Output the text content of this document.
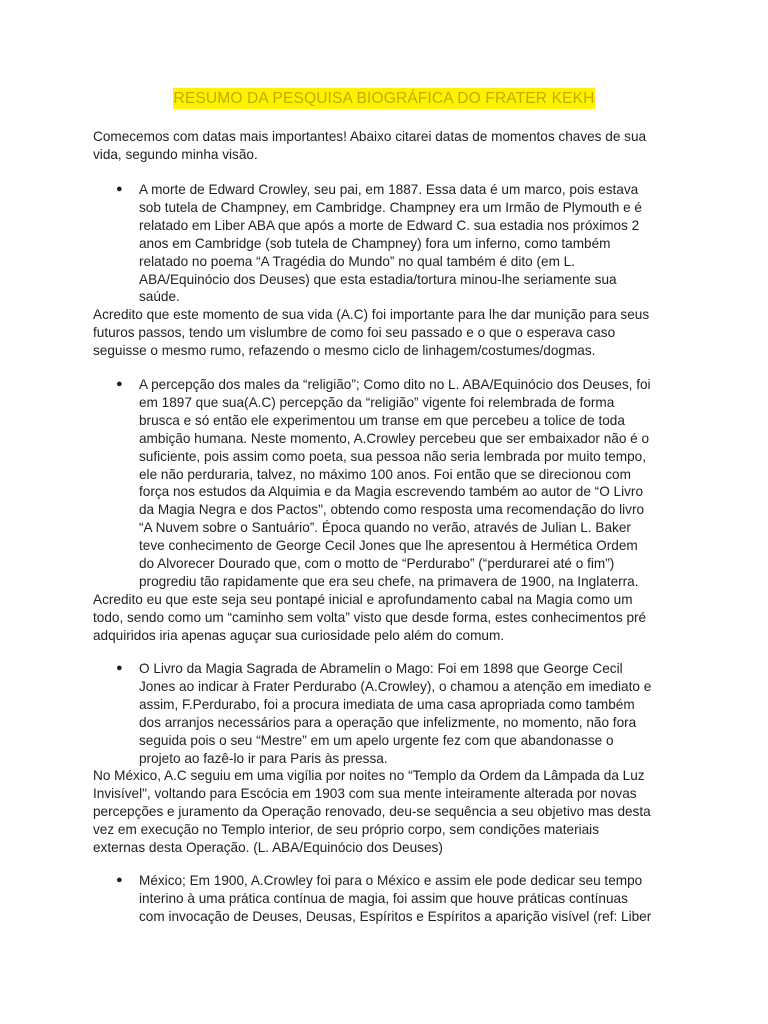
RESUMO DA PESQUISA BIOGRÁFICA DO FRATER KEKH
Comecemos com datas mais importantes! Abaixo citarei datas de momentos chaves de sua
vida, segundo minha visão.
● A morte de Edward Crowley, seu pai, em 1887. Essa data é um marco, pois estava
sob tutela de Champney, em Cambridge. Champney era um Irmão de Plymouth e é
relatado em Liber ABA que após a morte de Edward C. sua estadia nos próximos 2
anos em Cambridge (sob tutela de Champney) fora um inferno, como também
relatado no poema “A Tragédia do Mundo” no qual também é dito (em L.
ABA/Equinócio dos Deuses) que esta estadia/tortura minou-lhe seriamente sua
saúde.
Acredito que este momento de sua vida (A.C) foi importante para lhe dar munição para seus
futuros passos, tendo um vislumbre de como foi seu passado e o que o esperava caso
seguisse o mesmo rumo, refazendo o mesmo ciclo de linhagem/costumes/dogmas.
● A percepção dos males da “religião”; Como dito no L. ABA/Equinócio dos Deuses, foi
em 1897 que sua(A.C) percepção da “religião” vigente foi relembrada de forma
brusca e só então ele experimentou um transe em que percebeu a tolice de toda
ambição humana. Neste momento, A.Crowley percebeu que ser embaixador não é o
suficiente, pois assim como poeta, sua pessoa não seria lembrada por muito tempo,
ele não perduraria, talvez, no máximo 100 anos. Foi então que se direcionou com
força nos estudos da Alquimia e da Magia escrevendo também ao autor de “O Livro
da Magia Negra e dos Pactos", obtendo como resposta uma recomendação do livro
“A Nuvem sobre o Santuário”. Época quando no verão, através de Julian L. Baker
teve conhecimento de George Cecil Jones que lhe apresentou à Hermética Ordem
do Alvorecer Dourado que, com o motto de “Perdurabo” (“perdurarei até o fim”)
progrediu tão rapidamente que era seu chefe, na primavera de 1900, na Inglaterra.
Acredito eu que este seja seu pontapé inicial e aprofundamento cabal na Magia como um
todo, sendo como um “caminho sem volta” visto que desde forma, estes conhecimentos pré
adquiridos iria apenas aguçar sua curiosidade pelo além do comum.
● O Livro da Magia Sagrada de Abramelin o Mago: Foi em 1898 que George Cecil
Jones ao indicar à Frater Perdurabo (A.Crowley), o chamou a atenção em imediato e
assim, F.Perdurabo, foi a procura imediata de uma casa apropriada como também
dos arranjos necessários para a operação que infelizmente, no momento, não fora
seguida pois o seu “Mestre” em um apelo urgente fez com que abandonasse o
projeto ao fazê-lo ir para Paris às pressa.
No México, A.C seguiu em uma vigília por noites no “Templo da Ordem da Lâmpada da Luz
Invisível", voltando para Escócia em 1903 com sua mente inteiramente alterada por novas
percepções e juramento da Operação renovado, deu-se sequência a seu objetivo mas desta
vez em execução no Templo interior, de seu próprio corpo, sem condições materiais
externas desta Operação. (L. ABA/Equinócio dos Deuses)
● México; Em 1900, A.Crowley foi para o México e assim ele pode dedicar seu tempo
interino à uma prática contínua de magia, foi assim que houve práticas contínuas
com invocação de Deuses, Deusas, Espíritos e Espíritos a aparição visível (ref: Liber
